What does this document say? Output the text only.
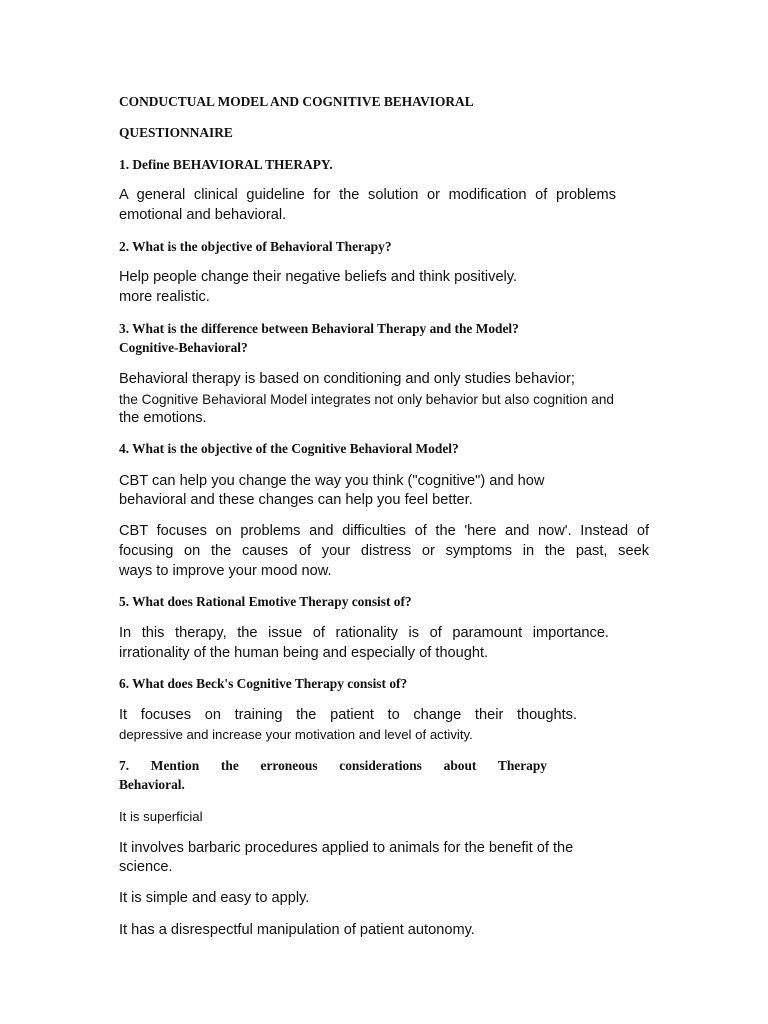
CONDUCTUAL MODEL AND COGNITIVE BEHAVIORAL
QUESTIONNAIRE
1. Define BEHAVIORAL THERAPY.
A general clinical guideline for the solution or modification of problems
emotional and behavioral.
2. What is the objective of Behavioral Therapy?
Help people change their negative beliefs and think positively.
more realistic.
3. What is the difference between Behavioral Therapy and the Model?
Cognitive-Behavioral?
Behavioral therapy is based on conditioning and only studies behavior;
the Cognitive Behavioral Model integrates not only behavior but also cognition and
the emotions.
4. What is the objective of the Cognitive Behavioral Model?
CBT can help you change the way you think ("cognitive") and how
behavioral and these changes can help you feel better.
CBT focuses on problems and difficulties of the 'here and now'. Instead of
focusing on the causes of your distress or symptoms in the past, seek
ways to improve your mood now.
5. What does Rational Emotive Therapy consist of?
In this therapy, the issue of rationality is of paramount importance.
irrationality of the human being and especially of thought.
6. What does Beck's Cognitive Therapy consist of?
It focuses on training the patient to change their thoughts.
depressive and increase your motivation and level of activity.
7. Mention the erroneous considerations about Therapy
Behavioral.
It is superficial
It involves barbaric procedures applied to animals for the benefit of the
science.
It is simple and easy to apply.
It has a disrespectful manipulation of patient autonomy.
